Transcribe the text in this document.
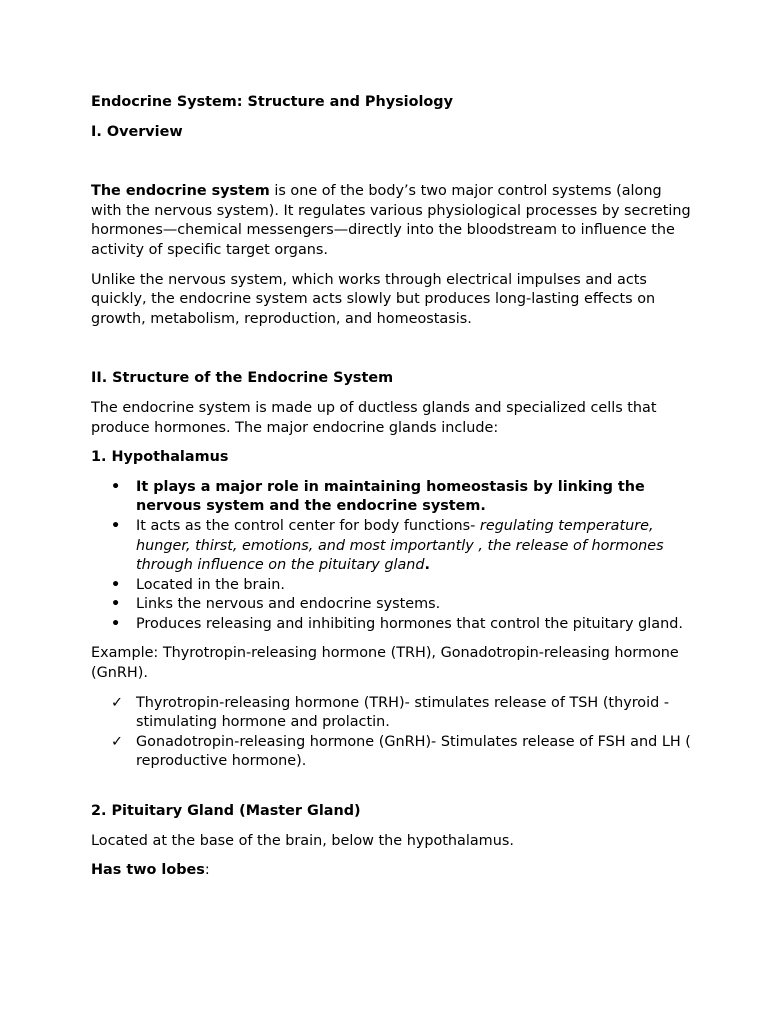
Endocrine System: Structure and Physiology

I. Overview

The endocrine system is one of the body’s two major control systems (along with the nervous system). It regulates various physiological processes by secreting hormones—chemical messengers—directly into the bloodstream to influence the activity of specific target organs.

Unlike the nervous system, which works through electrical impulses and acts quickly, the endocrine system acts slowly but produces long-lasting effects on growth, metabolism, reproduction, and homeostasis.

II. Structure of the Endocrine System

The endocrine system is made up of ductless glands and specialized cells that produce hormones. The major endocrine glands include:

1. Hypothalamus

• It plays a major role in maintaining homeostasis by linking the nervous system and the endocrine system.
• It acts as the control center for body functions- regulating temperature, hunger, thirst, emotions, and most importantly , the release of hormones through influence on the pituitary gland.
• Located in the brain.
• Links the nervous and endocrine systems.
• Produces releasing and inhibiting hormones that control the pituitary gland.

Example: Thyrotropin-releasing hormone (TRH), Gonadotropin-releasing hormone (GnRH).

✓ Thyrotropin-releasing hormone (TRH)- stimulates release of TSH (thyroid -stimulating hormone and prolactin.
✓ Gonadotropin-releasing hormone (GnRH)- Stimulates release of FSH and LH ( reproductive hormone).

2. Pituitary Gland (Master Gland)

Located at the base of the brain, below the hypothalamus.

Has two lobes:
